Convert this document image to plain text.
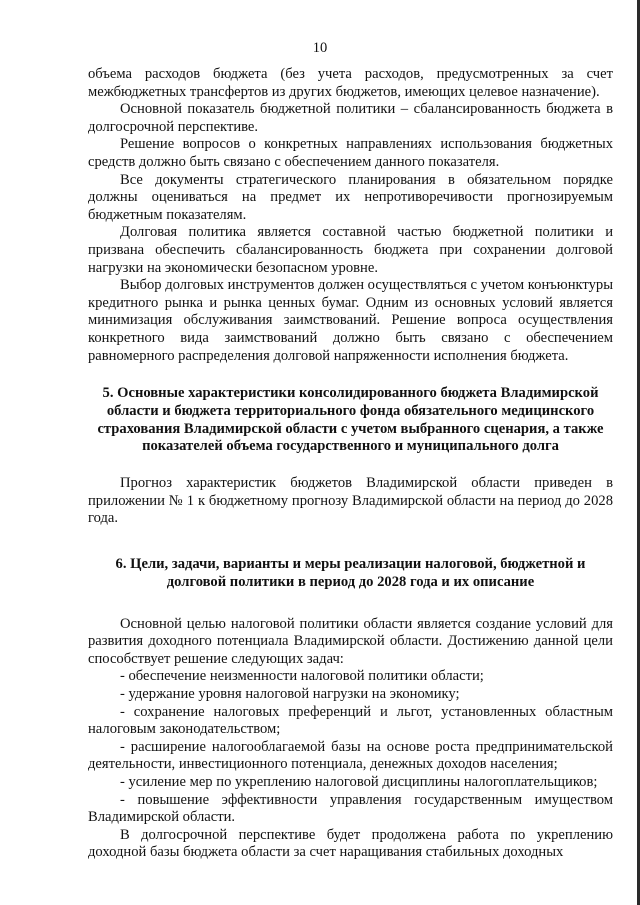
10

объема расходов бюджета (без учета расходов, предусмотренных за счет межбюджетных трансфертов из других бюджетов, имеющих целевое назначение).

Основной показатель бюджетной политики – сбалансированность бюджета в долгосрочной перспективе.

Решение вопросов о конкретных направлениях использования бюджетных средств должно быть связано с обеспечением данного показателя.

Все документы стратегического планирования в обязательном порядке должны оцениваться на предмет их непротиворечивости прогнозируемым бюджетным показателям.

Долговая политика является составной частью бюджетной политики и призвана обеспечить сбалансированность бюджета при сохранении долговой нагрузки на экономически безопасном уровне.

Выбор долговых инструментов должен осуществляться с учетом конъюнктуры кредитного рынка и рынка ценных бумаг. Одним из основных условий является минимизация обслуживания заимствований. Решение вопроса осуществления конкретного вида заимствований должно быть связано с обеспечением равномерного распределения долговой напряженности исполнения бюджета.

5. Основные характеристики консолидированного бюджета Владимирской области и бюджета территориального фонда обязательного медицинского страхования Владимирской области с учетом выбранного сценария, а также показателей объема государственного и муниципального долга

Прогноз характеристик бюджетов Владимирской области приведен в приложении № 1 к бюджетному прогнозу Владимирской области на период до 2028 года.

6. Цели, задачи, варианты и меры реализации налоговой, бюджетной и долговой политики в период до 2028 года и их описание

Основной целью налоговой политики области является создание условий для развития доходного потенциала Владимирской области. Достижению данной цели способствует решение следующих задач:

- обеспечение неизменности налоговой политики области;

- удержание уровня налоговой нагрузки на экономику;

- сохранение налоговых преференций и льгот, установленных областным налоговым законодательством;

- расширение налогооблагаемой базы на основе роста предпринимательской деятельности, инвестиционного потенциала, денежных доходов населения;

- усиление мер по укреплению налоговой дисциплины налогоплательщиков;

- повышение эффективности управления государственным имуществом Владимирской области.

В долгосрочной перспективе будет продолжена работа по укреплению доходной базы бюджета области за счет наращивания стабильных доходных
